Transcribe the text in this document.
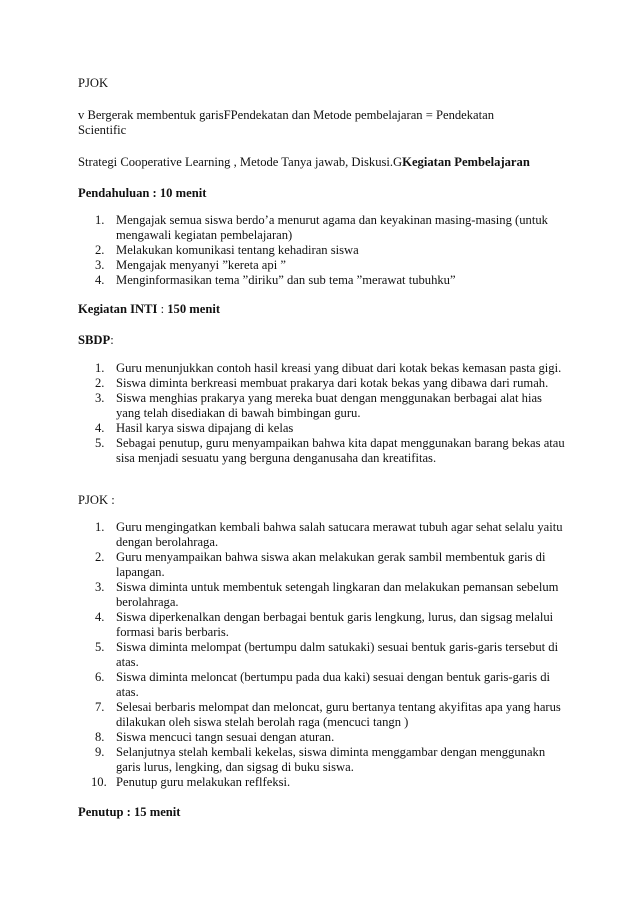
PJOK

v Bergerak membentuk garisFPendekatan dan Metode pembelajaran = Pendekatan Scientific

Strategi Cooperative Learning , Metode Tanya jawab, Diskusi.GKegiatan Pembelajaran

Pendahuluan : 10 menit

1. Mengajak semua siswa berdo’a menurut agama dan keyakinan masing-masing (untuk mengawali kegiatan pembelajaran)
2. Melakukan komunikasi tentang kehadiran siswa
3. Mengajak menyanyi ”kereta api ”
4. Menginformasikan tema ”diriku” dan sub tema ”merawat tubuhku”

Kegiatan INTI : 150 menit

SBDP:

1. Guru menunjukkan contoh hasil kreasi yang dibuat dari kotak bekas kemasan pasta gigi.
2. Siswa diminta berkreasi membuat prakarya dari kotak bekas yang dibawa dari rumah.
3. Siswa menghias prakarya yang mereka buat dengan menggunakan berbagai alat hias yang telah disediakan di bawah bimbingan guru.
4. Hasil karya siswa dipajang di kelas
5. Sebagai penutup, guru menyampaikan bahwa kita dapat menggunakan barang bekas atau sisa menjadi sesuatu yang berguna denganusaha dan kreatifitas.

PJOK :

1. Guru mengingatkan kembali bahwa salah satucara merawat tubuh agar sehat selalu yaitu dengan berolahraga.
2. Guru menyampaikan bahwa siswa akan melakukan gerak sambil membentuk garis di lapangan.
3. Siswa diminta untuk membentuk setengah lingkaran dan melakukan pemansan sebelum berolahraga.
4. Siswa diperkenalkan dengan berbagai bentuk garis lengkung, lurus, dan sigsag melalui formasi baris berbaris.
5. Siswa diminta melompat (bertumpu dalm satukaki) sesuai bentuk garis-garis tersebut di atas.
6. Siswa diminta meloncat (bertumpu pada dua kaki) sesuai dengan bentuk garis-garis di atas.
7. Selesai berbaris melompat dan meloncat, guru bertanya tentang akyifitas apa yang harus dilakukan oleh siswa stelah berolah raga (mencuci tangn )
8. Siswa mencuci tangn sesuai dengan aturan.
9. Selanjutnya stelah kembali kekelas, siswa diminta menggambar dengan menggunakn garis lurus, lengking, dan sigsag di buku siswa.
10. Penutup guru melakukan reflfeksi.

Penutup : 15 menit
